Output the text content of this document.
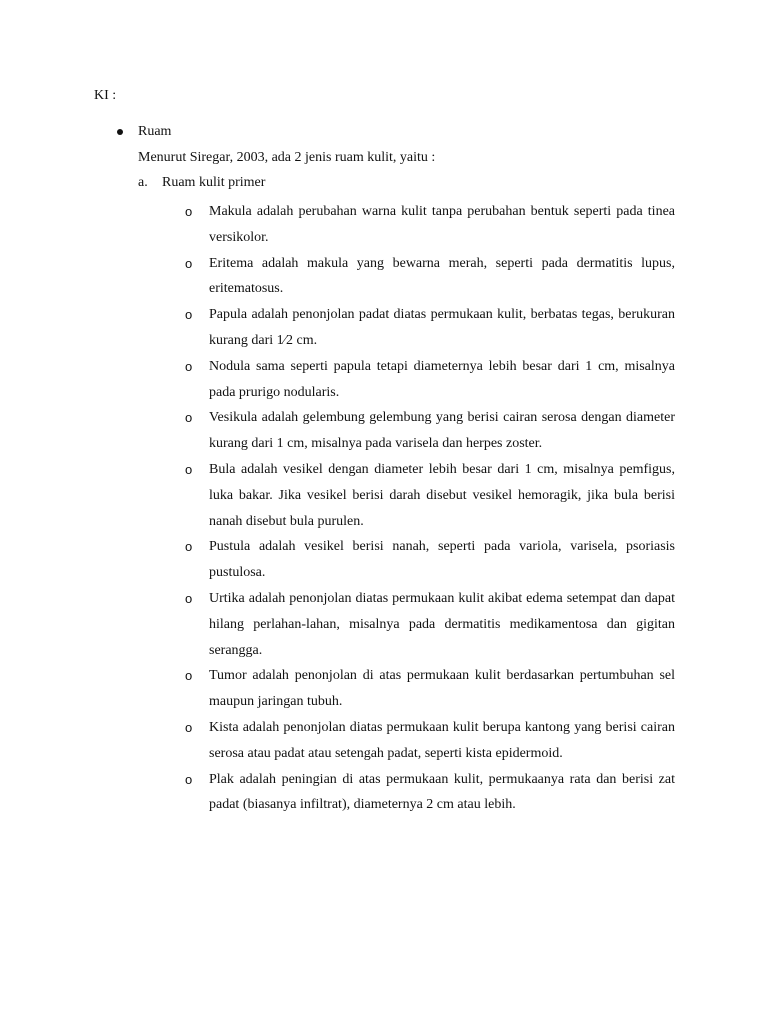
KI :
Ruam
Menurut Siregar, 2003, ada 2 jenis ruam kulit, yaitu :
a. Ruam kulit primer
o Makula adalah perubahan warna kulit tanpa perubahan bentuk seperti pada tinea versikolor.
o Eritema adalah makula yang bewarna merah, seperti pada dermatitis lupus, eritematosus.
o Papula adalah penonjolan padat diatas permukaan kulit, berbatas tegas, berukuran kurang dari 1⁄2 cm.
o Nodula sama seperti papula tetapi diameternya lebih besar dari 1 cm, misalnya pada prurigo nodularis.
o Vesikula adalah gelembung gelembung yang berisi cairan serosa dengan diameter kurang dari 1 cm, misalnya pada varisela dan herpes zoster.
o Bula adalah vesikel dengan diameter lebih besar dari 1 cm, misalnya pemfigus, luka bakar. Jika vesikel berisi darah disebut vesikel hemoragik, jika bula berisi nanah disebut bula purulen.
o Pustula adalah vesikel berisi nanah, seperti pada variola, varisela, psoriasis pustulosa.
o Urtika adalah penonjolan diatas permukaan kulit akibat edema setempat dan dapat hilang perlahan-lahan, misalnya pada dermatitis medikamentosa dan gigitan serangga.
o Tumor adalah penonjolan di atas permukaan kulit berdasarkan pertumbuhan sel maupun jaringan tubuh.
o Kista adalah penonjolan diatas permukaan kulit berupa kantong yang berisi cairan serosa atau padat atau setengah padat, seperti kista epidermoid.
o Plak adalah peningian di atas permukaan kulit, permukaanya rata dan berisi zat padat (biasanya infiltrat), diameternya 2 cm atau lebih.
